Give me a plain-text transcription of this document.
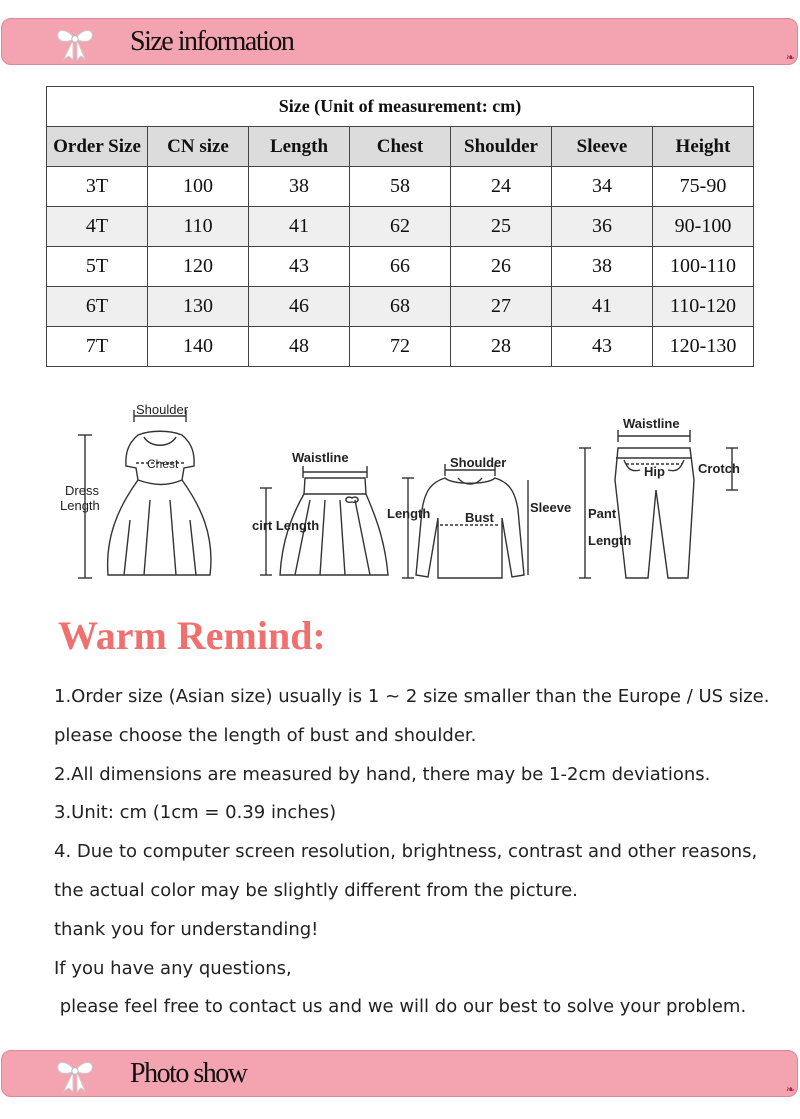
Size information
❧
Size (Unit of measurement: cm)						
Order Size	CN size	Length	Chest	Shoulder	Sleeve	Height
3T	100	38	58	24	34	75-90
4T	110	41	62	25	36	90-100
5T	120	43	66	26	38	100-110
6T	130	46	68	27	41	110-120
7T	140	48	72	28	43	120-130
Shoulder
Chest
Dress
Length
Waistline
cirt Length
Shoulder
Length	Bust
Sleeve
Waistline
Hip	Crotch
Pant
Length
Warm Remind:
1.Order size (Asian size) usually is 1 ~ 2 size smaller than the Europe / US size.
please choose the length of bust and shoulder.
2.All dimensions are measured by hand, there may be 1-2cm deviations.
3.Unit: cm (1cm = 0.39 inches)
4. Due to computer screen resolution, brightness, contrast and other reasons,
the actual color may be slightly different from the picture.
thank you for understanding!
If you have any questions,
please feel free to contact us and we will do our best to solve your problem.
Photo show
❧
